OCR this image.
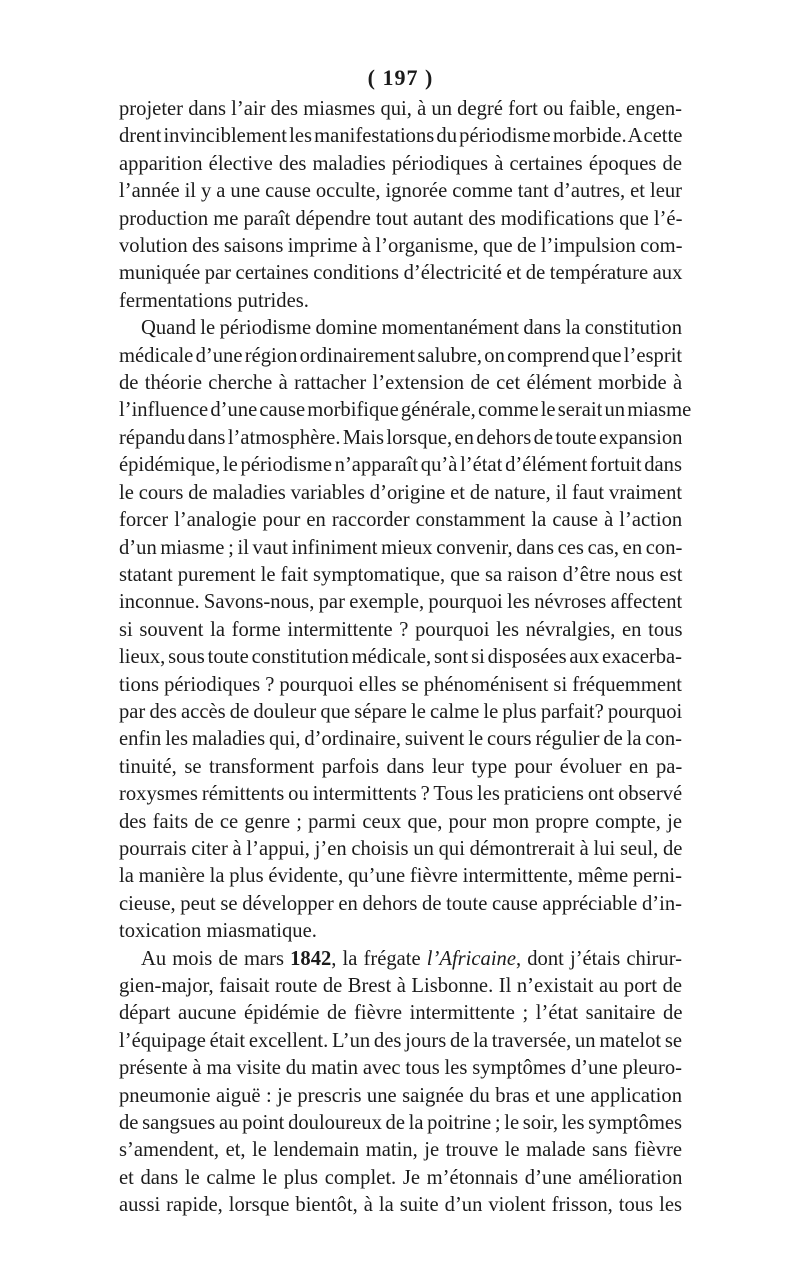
( 197 )

projeter dans l’air des miasmes qui, à un degré fort ou faible, engen-
drent invinciblement les manifestations du périodisme morbide. A cette
apparition élective des maladies périodiques à certaines époques de
l’année il y a une cause occulte, ignorée comme tant d’autres, et leur
production me paraît dépendre tout autant des modifications que l’é-
volution des saisons imprime à l’organisme, que de l’impulsion com-
muniquée par certaines conditions d’électricité et de température aux
fermentations putrides.

Quand le périodisme domine momentanément dans la constitution
médicale d’une région ordinairement salubre, on comprend que l’esprit
de théorie cherche à rattacher l’extension de cet élément morbide à
l’influence d’une cause morbifique générale, comme le serait un miasme
répandu dans l’atmosphère. Mais lorsque, en dehors de toute expansion
épidémique, le périodisme n’apparaît qu’à l’état d’élément fortuit dans
le cours de maladies variables d’origine et de nature, il faut vraiment
forcer l’analogie pour en raccorder constamment la cause à l’action
d’un miasme ; il vaut infiniment mieux convenir, dans ces cas, en con-
statant purement le fait symptomatique, que sa raison d’être nous est
inconnue. Savons-nous, par exemple, pourquoi les névroses affectent
si souvent la forme intermittente ? pourquoi les névralgies, en tous
lieux, sous toute constitution médicale, sont si disposées aux exacerba-
tions périodiques ? pourquoi elles se phénoménisent si fréquemment
par des accès de douleur que sépare le calme le plus parfait? pourquoi
enfin les maladies qui, d’ordinaire, suivent le cours régulier de la con-
tinuité, se transforment parfois dans leur type pour évoluer en pa-
roxysmes rémittents ou intermittents ? Tous les praticiens ont observé
des faits de ce genre ; parmi ceux que, pour mon propre compte, je
pourrais citer à l’appui, j’en choisis un qui démontrerait à lui seul, de
la manière la plus évidente, qu’une fièvre intermittente, même perni-
cieuse, peut se développer en dehors de toute cause appréciable d’in-
toxication miasmatique.

Au mois de mars 1842, la frégate l’Africaine, dont j’étais chirur-
gien-major, faisait route de Brest à Lisbonne. Il n’existait au port de
départ aucune épidémie de fièvre intermittente ; l’état sanitaire de
l’équipage était excellent. L’un des jours de la traversée, un matelot se
présente à ma visite du matin avec tous les symptômes d’une pleuro-
pneumonie aiguë : je prescris une saignée du bras et une application
de sangsues au point douloureux de la poitrine ; le soir, les symptômes
s’amendent, et, le lendemain matin, je trouve le malade sans fièvre
et dans le calme le plus complet. Je m’étonnais d’une amélioration
aussi rapide, lorsque bientôt, à la suite d’un violent frisson, tous les
